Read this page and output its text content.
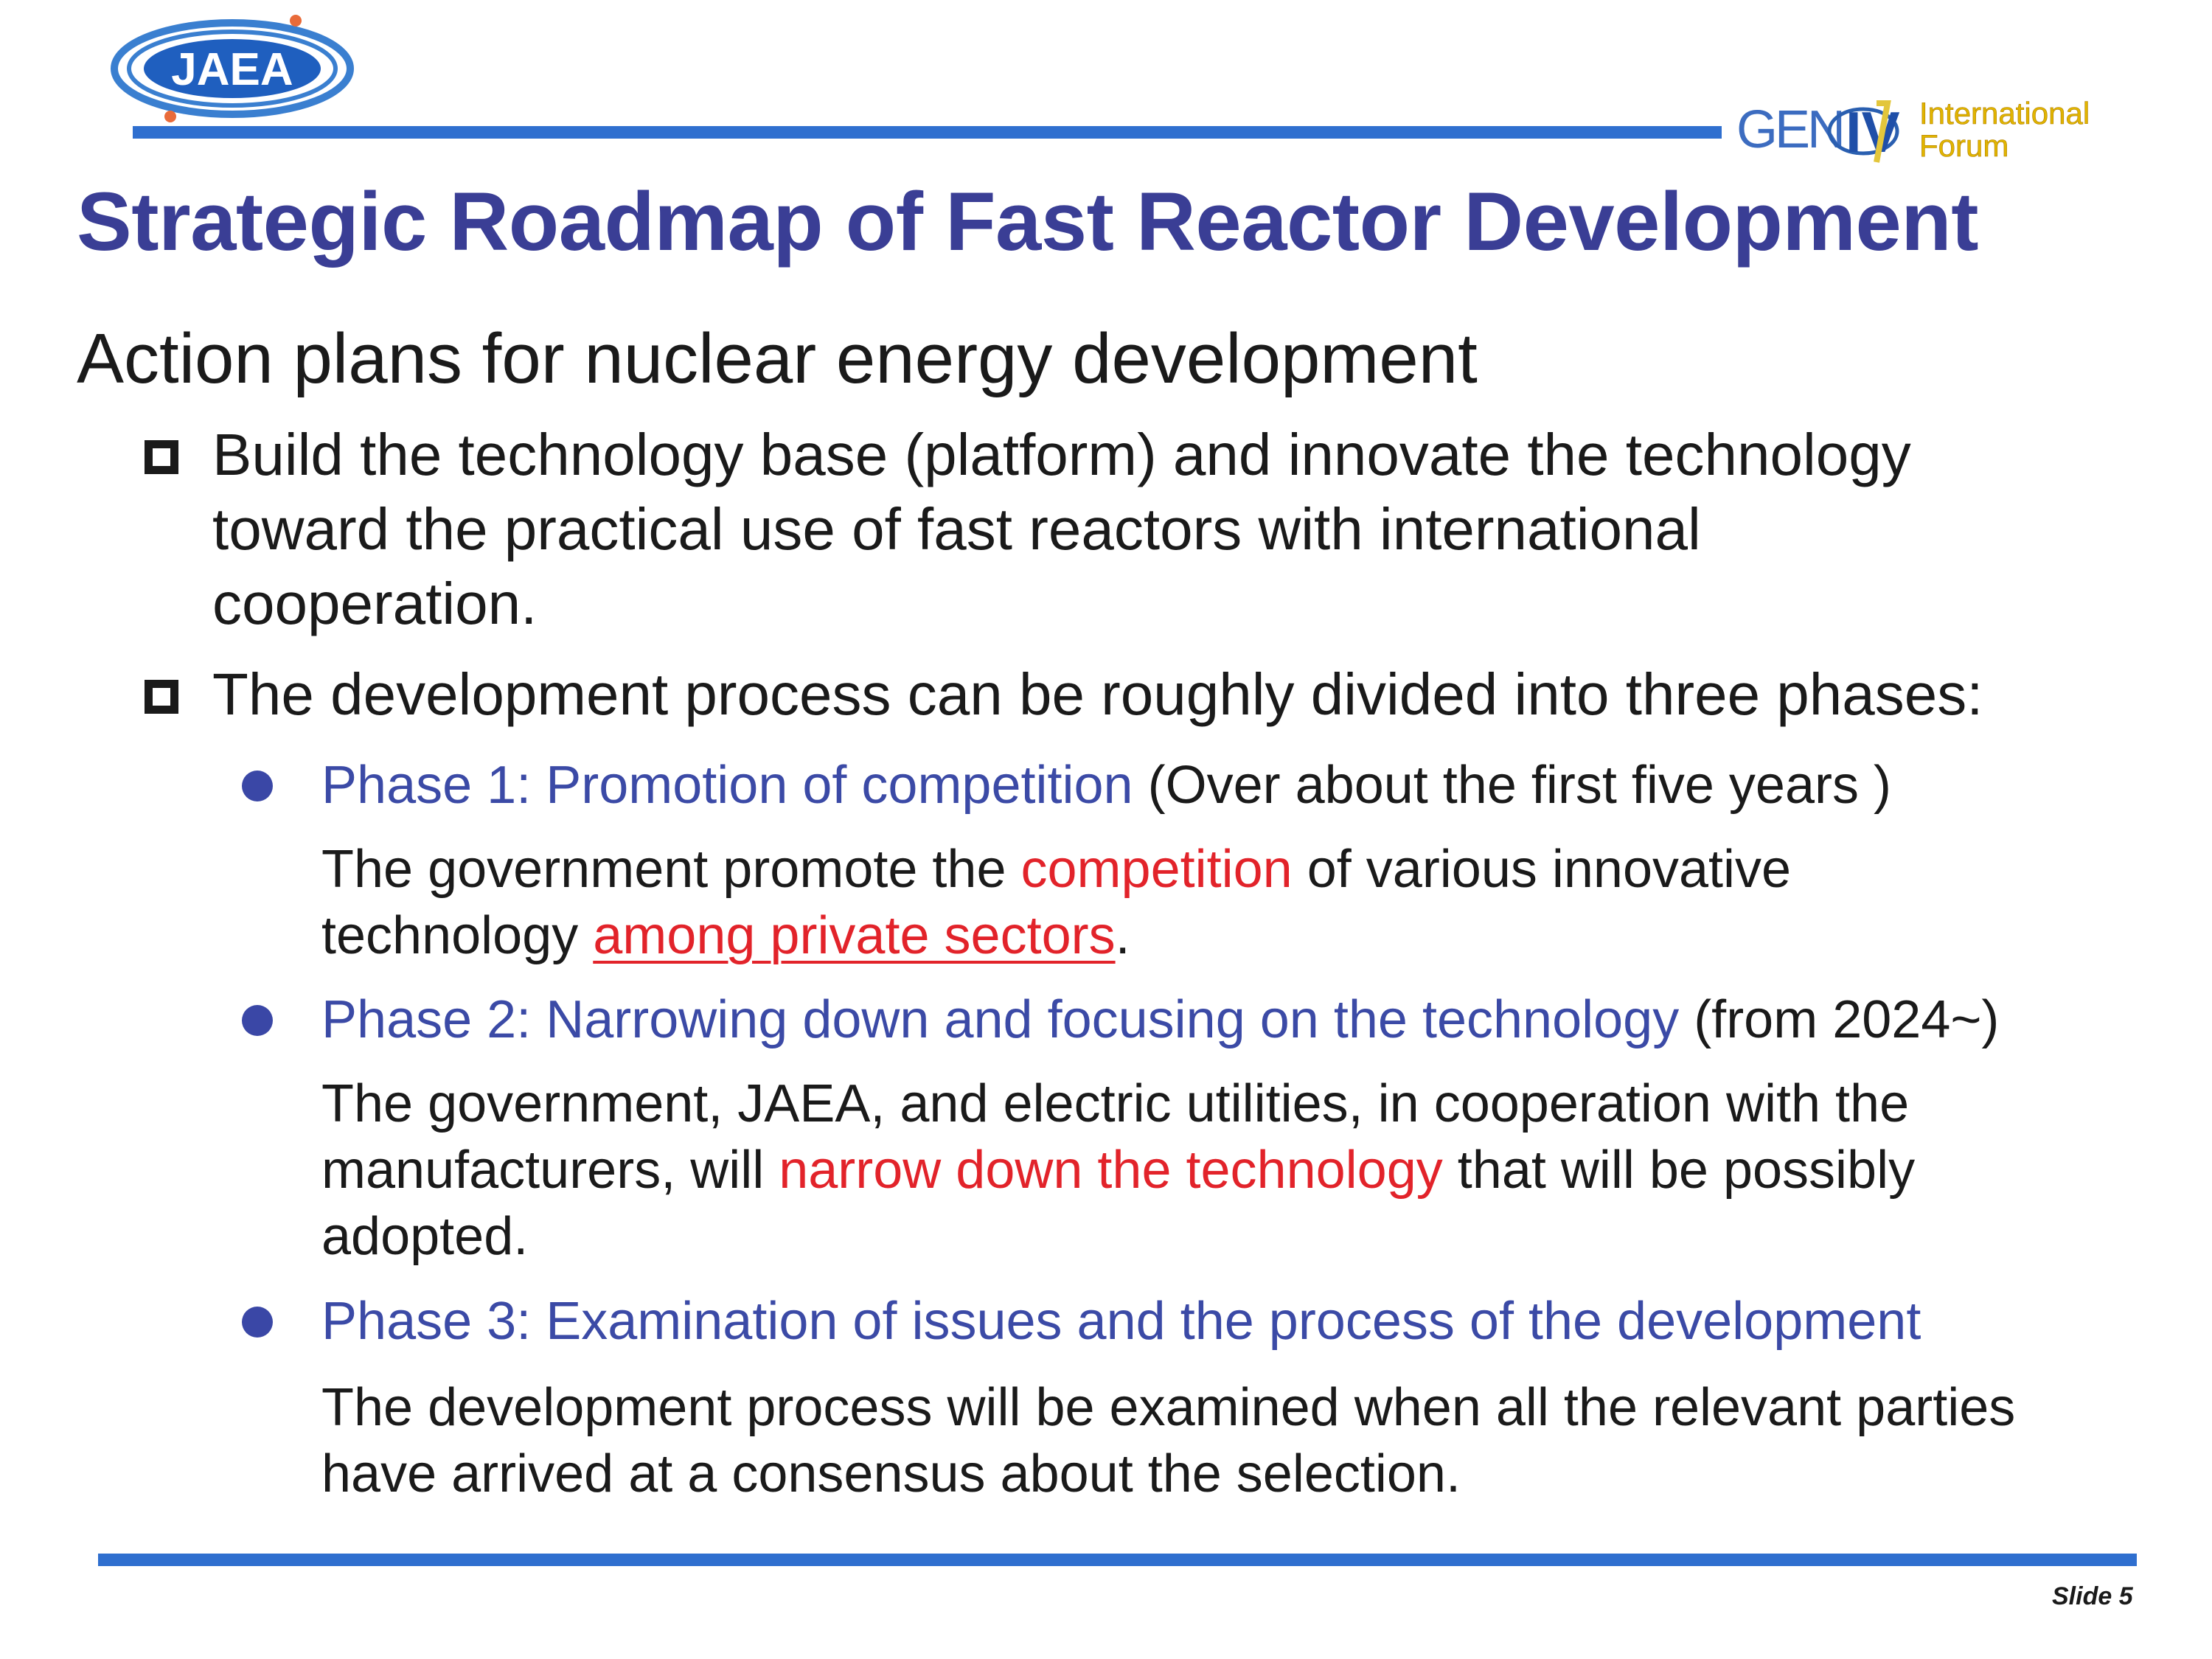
JAEA
GEN IV International
Forum
Strategic Roadmap of Fast Reactor Development
Action plans for nuclear energy development
Build the technology base (platform) and innovate the technology
toward the practical use of fast reactors with international
cooperation.
The development process can be roughly divided into three phases:
Phase 1: Promotion of competition (Over about the first five years )
The government promote the competition of various innovative
technology among private sectors.
Phase 2: Narrowing down and focusing on the technology (from 2024~)
The government, JAEA, and electric utilities, in cooperation with the
manufacturers, will narrow down the technology that will be possibly
adopted.
Phase 3: Examination of issues and the process of the development
The development process will be examined when all the relevant parties
have arrived at a consensus about the selection.
Slide 5
